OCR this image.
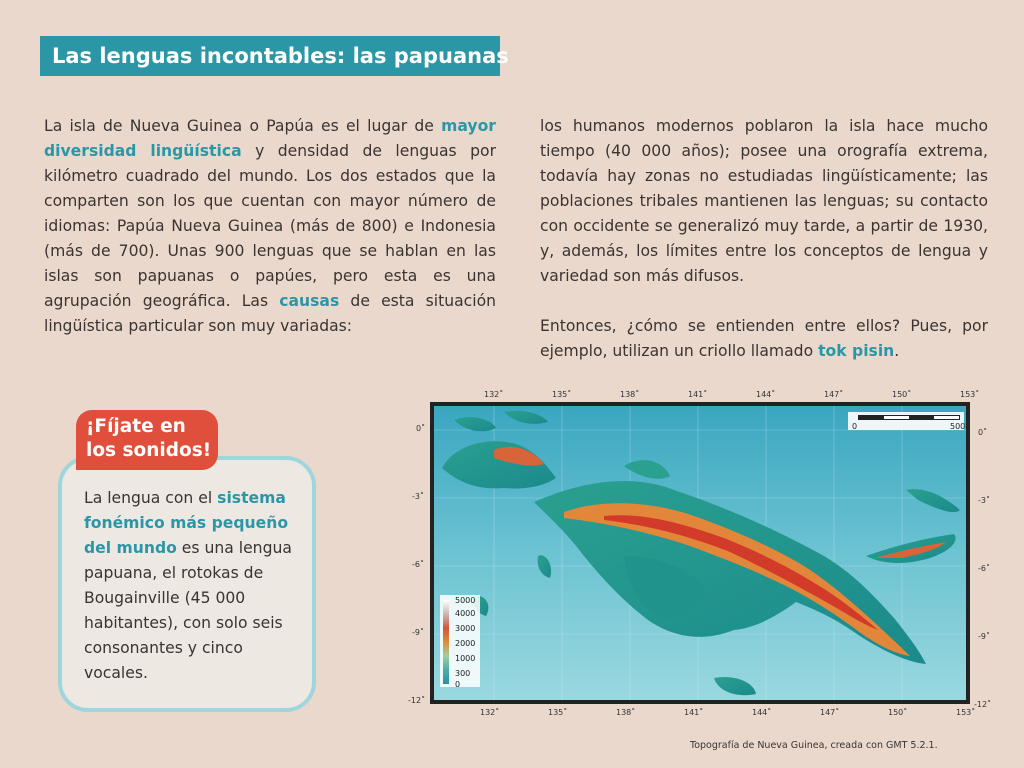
Las lenguas incontables: las papuanas

La isla de Nueva Guinea o Papúa es el lugar de mayor diversidad lingüística y densidad de lenguas por kilómetro cuadrado del mundo. Los dos estados que la comparten son los que cuentan con mayor número de idiomas: Papúa Nueva Guinea (más de 800) e Indonesia (más de 700). Unas 900 lenguas que se hablan en las islas son papuanas o papúes, pero esta es una agrupación geográfica. Las causas de esta situación lingüística particular son muy variadas:

los humanos modernos poblaron la isla hace mucho tiempo (40 000 años); posee una orografía extrema, todavía hay zonas no estudiadas lingüísticamente; las poblaciones tribales mantienen las lenguas; su contacto con occidente se generalizó muy tarde, a partir de 1930, y, además, los límites entre los conceptos de lengua y variedad son más difusos.

Entonces, ¿cómo se entienden entre ellos? Pues, por ejemplo, utilizan un criollo llamado tok pisin.

¡Fíjate en
los sonidos!
La lengua con el sistema fonémico más pequeño del mundo es una lengua papuana, el rotokas de Bougainville (45 000 habitantes), con solo seis consonantes y cinco vocales.
132˚	135˚	138˚	141˚	144˚	147˚	150˚	153˚
132˚	135˚	138˚	141˚	144˚	147˚	150˚	153˚
0˚
-3˚
-6˚
-9˚
-12˚
0˚
-3˚
-6˚
-9˚
-12˚
5000
4000
3000
2000
1000
300
0
0	500
Topografía de Nueva Guinea, creada con GMT 5.2.1.
